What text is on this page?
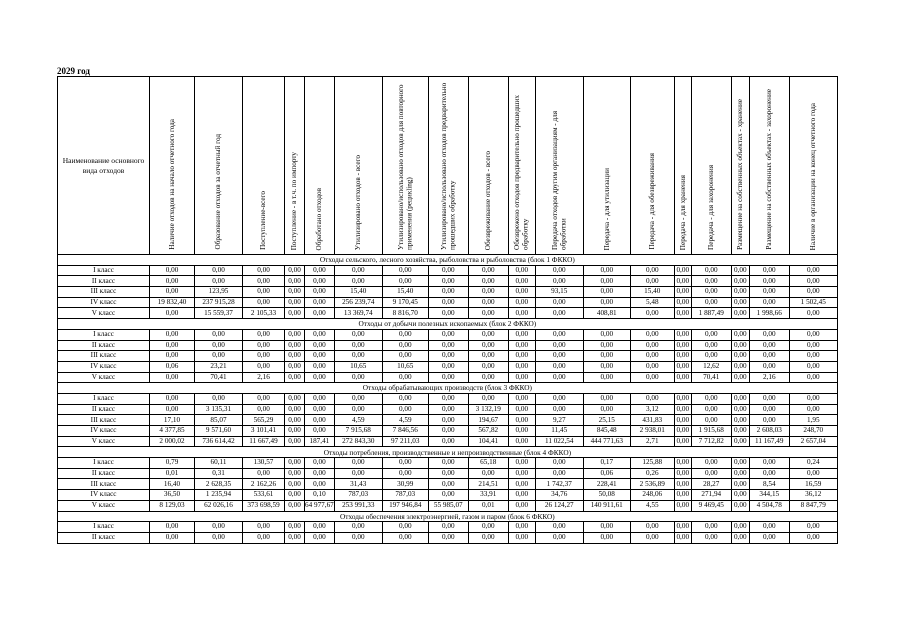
2029 год
Наименование основного вида отходов	Наличие отходов на начало отчетного года	Образование отходов за отчетный год	Поступление-всего	Поступление - в т.ч. по импорту	Обработано отходов	Утилизировано отходов - всего	Утилизировано/использовано отходов для повторного применения (рецикling)	Утилизировано/использовано отходов предварительно прошедших обработку	Обезвреживание отходов - всего	Обезврежено отходов предварительно прошедших обработку	Передача отходов другим организациям - для обработки	Передача - для утилизации	Передача - для обезвреживания	Передача - для хранения	Передача - для захоронения	Размещение на собственных объектах - хранение	Размещение на собственных объектах - захоронение	Наличие в организации на конец отчетного года

Отходы сельского, лесного хозяйства, рыболовства и рыболовства (блок 1 ФККО)																		
I класс	0,00	0,00	0,00	0,00	0,00	0,00	0,00	0,00	0,00	0,00	0,00	0,00	0,00	0,00	0,00	0,00	0,00	0,00
II класс	0,00	0,00	0,00	0,00	0,00	0,00	0,00	0,00	0,00	0,00	0,00	0,00	0,00	0,00	0,00	0,00	0,00	0,00
III класс	0,00	123,95	0,00	0,00	0,00	15,40	15,40	0,00	0,00	0,00	93,15	0,00	15,40	0,00	0,00	0,00	0,00	0,00
IV класс	19 832,40	237 915,28	0,00	0,00	0,00	256 239,74	9 170,45	0,00	0,00	0,00	0,00	0,00	5,48	0,00	0,00	0,00	0,00	1 502,45
V класс	0,00	15 559,37	2 105,33	0,00	0,00	13 369,74	8 816,70	0,00	0,00	0,00	0,00	408,81	0,00	0,00	1 887,49	0,00	1 998,66	0,00
Отходы от добычи полезных ископаемых (блок 2 ФККО)																		
I класс	0,00	0,00	0,00	0,00	0,00	0,00	0,00	0,00	0,00	0,00	0,00	0,00	0,00	0,00	0,00	0,00	0,00	0,00
II класс	0,00	0,00	0,00	0,00	0,00	0,00	0,00	0,00	0,00	0,00	0,00	0,00	0,00	0,00	0,00	0,00	0,00	0,00
III класс	0,00	0,00	0,00	0,00	0,00	0,00	0,00	0,00	0,00	0,00	0,00	0,00	0,00	0,00	0,00	0,00	0,00	0,00
IV класс	0,06	23,21	0,00	0,00	0,00	10,65	10,65	0,00	0,00	0,00	0,00	0,00	0,00	0,00	12,62	0,00	0,00	0,00
V класс	0,00	70,41	2,16	0,00	0,00	0,00	0,00	0,00	0,00	0,00	0,00	0,00	0,00	0,00	70,41	0,00	2,16	0,00
Отходы обрабатывающих производств (блок 3 ФККО)																		
I класс	0,00	0,00	0,00	0,00	0,00	0,00	0,00	0,00	0,00	0,00	0,00	0,00	0,00	0,00	0,00	0,00	0,00	0,00
II класс	0,00	3 135,31	0,00	0,00	0,00	0,00	0,00	0,00	3 132,19	0,00	0,00	0,00	3,12	0,00	0,00	0,00	0,00	0,00
III класс	17,10	85,07	565,29	0,00	0,00	4,59	4,59	0,00	194,67	0,00	9,27	25,15	431,83	0,00	0,00	0,00	0,00	1,95
IV класс	4 377,85	9 571,60	3 101,41	0,00	0,00	7 915,68	7 846,56	0,00	567,82	0,00	11,45	845,48	2 938,01	0,00	1 915,68	0,00	2 608,03	248,70
V класс	2 000,02	736 614,42	11 667,49	0,00	187,41	272 843,30	97 211,03	0,00	104,41	0,00	11 022,54	444 771,63	2,71	0,00	7 712,82	0,00	11 167,49	2 657,04
Отходы потребления, производственные и непроизводственные (блок 4 ФККО)																		
I класс	0,79	60,11	130,57	0,00	0,00	0,00	0,00	0,00	65,18	0,00	0,00	0,17	125,88	0,00	0,00	0,00	0,00	0,24
II класс	0,01	0,31	0,00	0,00	0,00	0,00	0,00	0,00	0,00	0,00	0,00	0,06	0,26	0,00	0,00	0,00	0,00	0,00
III класс	16,40	2 628,35	2 162,26	0,00	0,00	31,43	30,99	0,00	214,51	0,00	1 742,37	228,41	2 536,89	0,00	28,27	0,00	8,54	16,59
IV класс	36,50	1 235,94	533,61	0,00	0,10	787,03	787,03	0,00	33,91	0,00	34,76	50,08	248,06	0,00	271,94	0,00	344,15	36,12
V класс	8 129,03	62 026,16	373 698,59	0,00	64 977,67	253 991,33	197 946,84	55 985,07	0,01	0,00	26 124,27	140 911,61	4,55	0,00	9 469,45	0,00	4 504,78	8 847,79
Отходы обеспечения электроэнергией, газом и паром (блок 6 ФККО)																		
I класс	0,00	0,00	0,00	0,00	0,00	0,00	0,00	0,00	0,00	0,00	0,00	0,00	0,00	0,00	0,00	0,00	0,00	0,00
II класс	0,00	0,00	0,00	0,00	0,00	0,00	0,00	0,00	0,00	0,00	0,00	0,00	0,00	0,00	0,00	0,00	0,00	0,00
